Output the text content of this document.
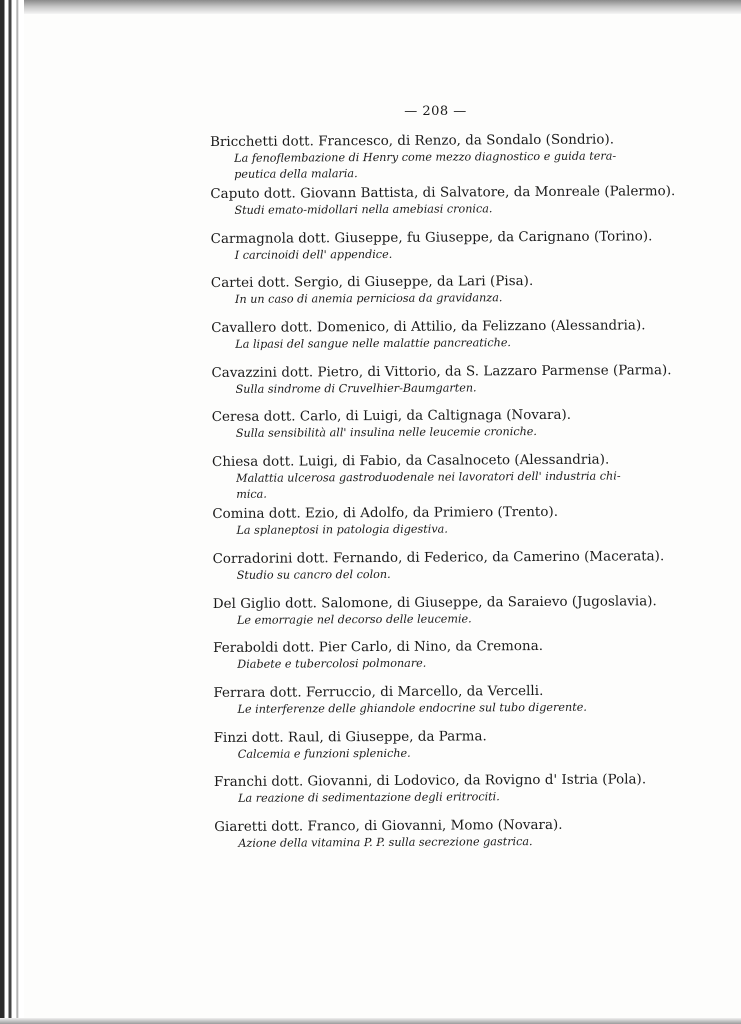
— 208 —
Bricchetti dott. Francesco, di Renzo, da Sondalo (Sondrio).
La fenoflembazione di Henry come mezzo diagnostico e guida tera-
peutica della malaria.
Caputo dott. Giovann Battista, di Salvatore, da Monreale (Palermo).
Studi emato-midollari nella amebiasi cronica.
Carmagnola dott. Giuseppe, fu Giuseppe, da Carignano (Torino).
I carcinoidi dell' appendice.
Cartei dott. Sergio, di Giuseppe, da Lari (Pisa).
In un caso di anemia perniciosa da gravidanza.
Cavallero dott. Domenico, di Attilio, da Felizzano (Alessandria).
La lipasi del sangue nelle malattie pancreatiche.
Cavazzini dott. Pietro, di Vittorio, da S. Lazzaro Parmense (Parma).
Sulla sindrome di Cruvelhier-Baumgarten.
Ceresa dott. Carlo, di Luigi, da Caltignaga (Novara).
Sulla sensibilità all' insulina nelle leucemie croniche.
Chiesa dott. Luigi, di Fabio, da Casalnoceto (Alessandria).
Malattia ulcerosa gastroduodenale nei lavoratori dell' industria chi-
mica.
Comina dott. Ezio, di Adolfo, da Primiero (Trento).
La splaneptosi in patologia digestiva.
Corradorini dott. Fernando, di Federico, da Camerino (Macerata).
Studio su cancro del colon.
Del Giglio dott. Salomone, di Giuseppe, da Saraievo (Jugoslavia).
Le emorragie nel decorso delle leucemie.
Feraboldi dott. Pier Carlo, di Nino, da Cremona.
Diabete e tubercolosi polmonare.
Ferrara dott. Ferruccio, di Marcello, da Vercelli.
Le interferenze delle ghiandole endocrine sul tubo digerente.
Finzi dott. Raul, di Giuseppe, da Parma.
Calcemia e funzioni spleniche.
Franchi dott. Giovanni, di Lodovico, da Rovigno d' Istria (Pola).
La reazione di sedimentazione degli eritrociti.
Giaretti dott. Franco, di Giovanni, Momo (Novara).
Azione della vitamina P. P. sulla secrezione gastrica.
